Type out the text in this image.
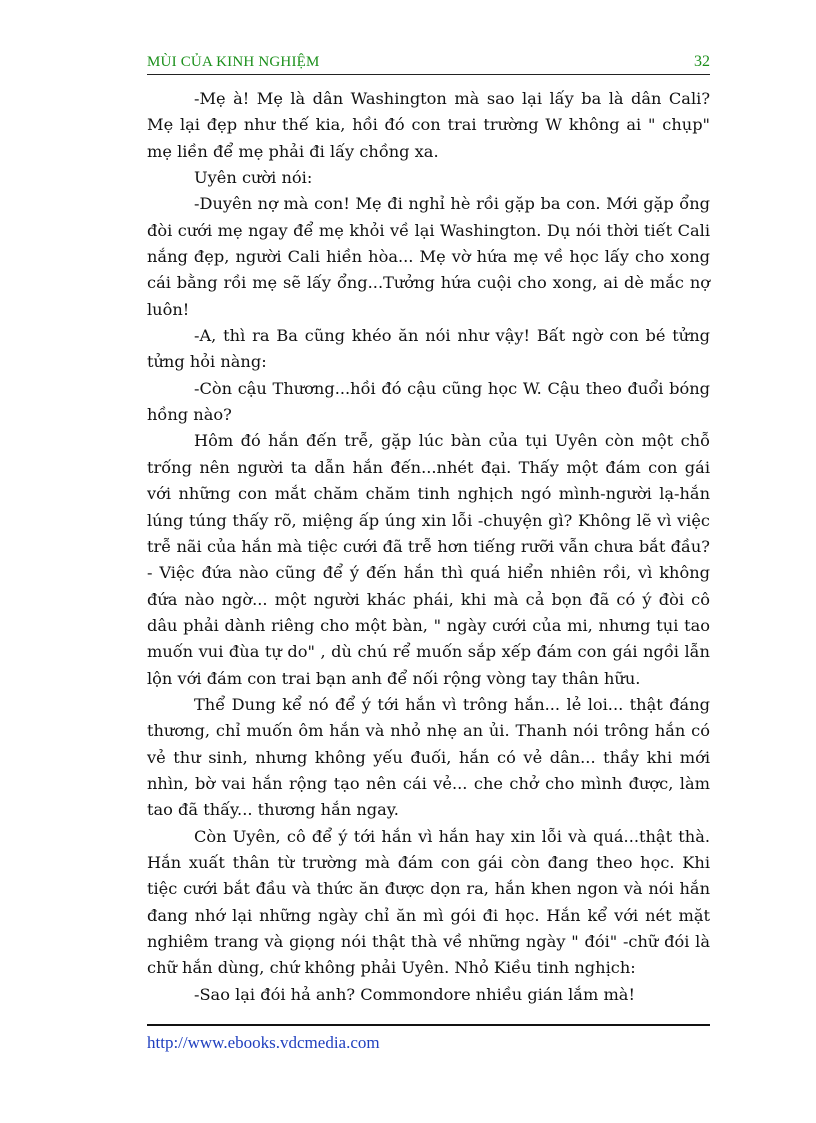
MÙI CỦA KINH NGHIỆM	32

-Mẹ à! Mẹ là dân Washington mà sao lại lấy ba là dân Cali? Mẹ lại đẹp như thế kia, hồi đó con trai trường W không ai " chụp" mẹ liền để mẹ phải đi lấy chồng xa.

Uyên cười nói:

-Duyên nợ mà con! Mẹ đi nghỉ hè rồi gặp ba con. Mới gặp ổng đòi cưới mẹ ngay để mẹ khỏi về lại Washington. Dụ nói thời tiết Cali nắng đẹp, người Cali hiền hòa... Mẹ vờ hứa mẹ về học lấy cho xong cái bằng rồi mẹ sẽ lấy ổng...Tưởng hứa cuội cho xong, ai dè mắc nợ luôn!

-A, thì ra Ba cũng khéo ăn nói như vậy! Bất ngờ con bé tửng tửng hỏi nàng:

-Còn cậu Thương...hồi đó cậu cũng học W. Cậu theo đuổi bóng hồng nào?

Hôm đó hắn đến trễ, gặp lúc bàn của tụi Uyên còn một chỗ trống nên người ta dẫn hắn đến...nhét đại. Thấy một đám con gái với những con mắt chăm chăm tinh nghịch ngó mình-người lạ-hắn lúng túng thấy rõ, miệng ấp úng xin lỗi -chuyện gì? Không lẽ vì việc trễ nãi của hắn mà tiệc cưới đã trễ hơn tiếng rưỡi vẫn chưa bắt đầu?- Việc đứa nào cũng để ý đến hắn thì quá hiển nhiên rồi, vì không đứa nào ngờ... một người khác phái, khi mà cả bọn đã có ý đòi cô dâu phải dành riêng cho một bàn, " ngày cưới của mi, nhưng tụi tao muốn vui đùa tự do" , dù chú rể muốn sắp xếp đám con gái ngồi lẫn lộn với đám con trai bạn anh để nối rộng vòng tay thân hữu.

Thể Dung kể nó để ý tới hắn vì trông hắn... lẻ loi... thật đáng thương, chỉ muốn ôm hắn và nhỏ nhẹ an ủi. Thanh nói trông hắn có vẻ thư sinh, nhưng không yếu đuối, hắn có vẻ dân... thầy khi mới nhìn, bờ vai hắn rộng tạo nên cái vẻ... che chở cho mình được, làm tao đã thấy... thương hắn ngay.

Còn Uyên, cô để ý tới hắn vì hắn hay xin lỗi và quá...thật thà. Hắn xuất thân từ trường mà đám con gái còn đang theo học. Khi tiệc cưới bắt đầu và thức ăn được dọn ra, hắn khen ngon và nói hắn đang nhớ lại những ngày chỉ ăn mì gói đi học. Hắn kể với nét mặt nghiêm trang và giọng nói thật thà về những ngày " đói" -chữ đói là chữ hắn dùng, chứ không phải Uyên. Nhỏ Kiều tinh nghịch:

-Sao lại đói hả anh? Commondore nhiều gián lắm mà!

http://www.ebooks.vdcmedia.com
